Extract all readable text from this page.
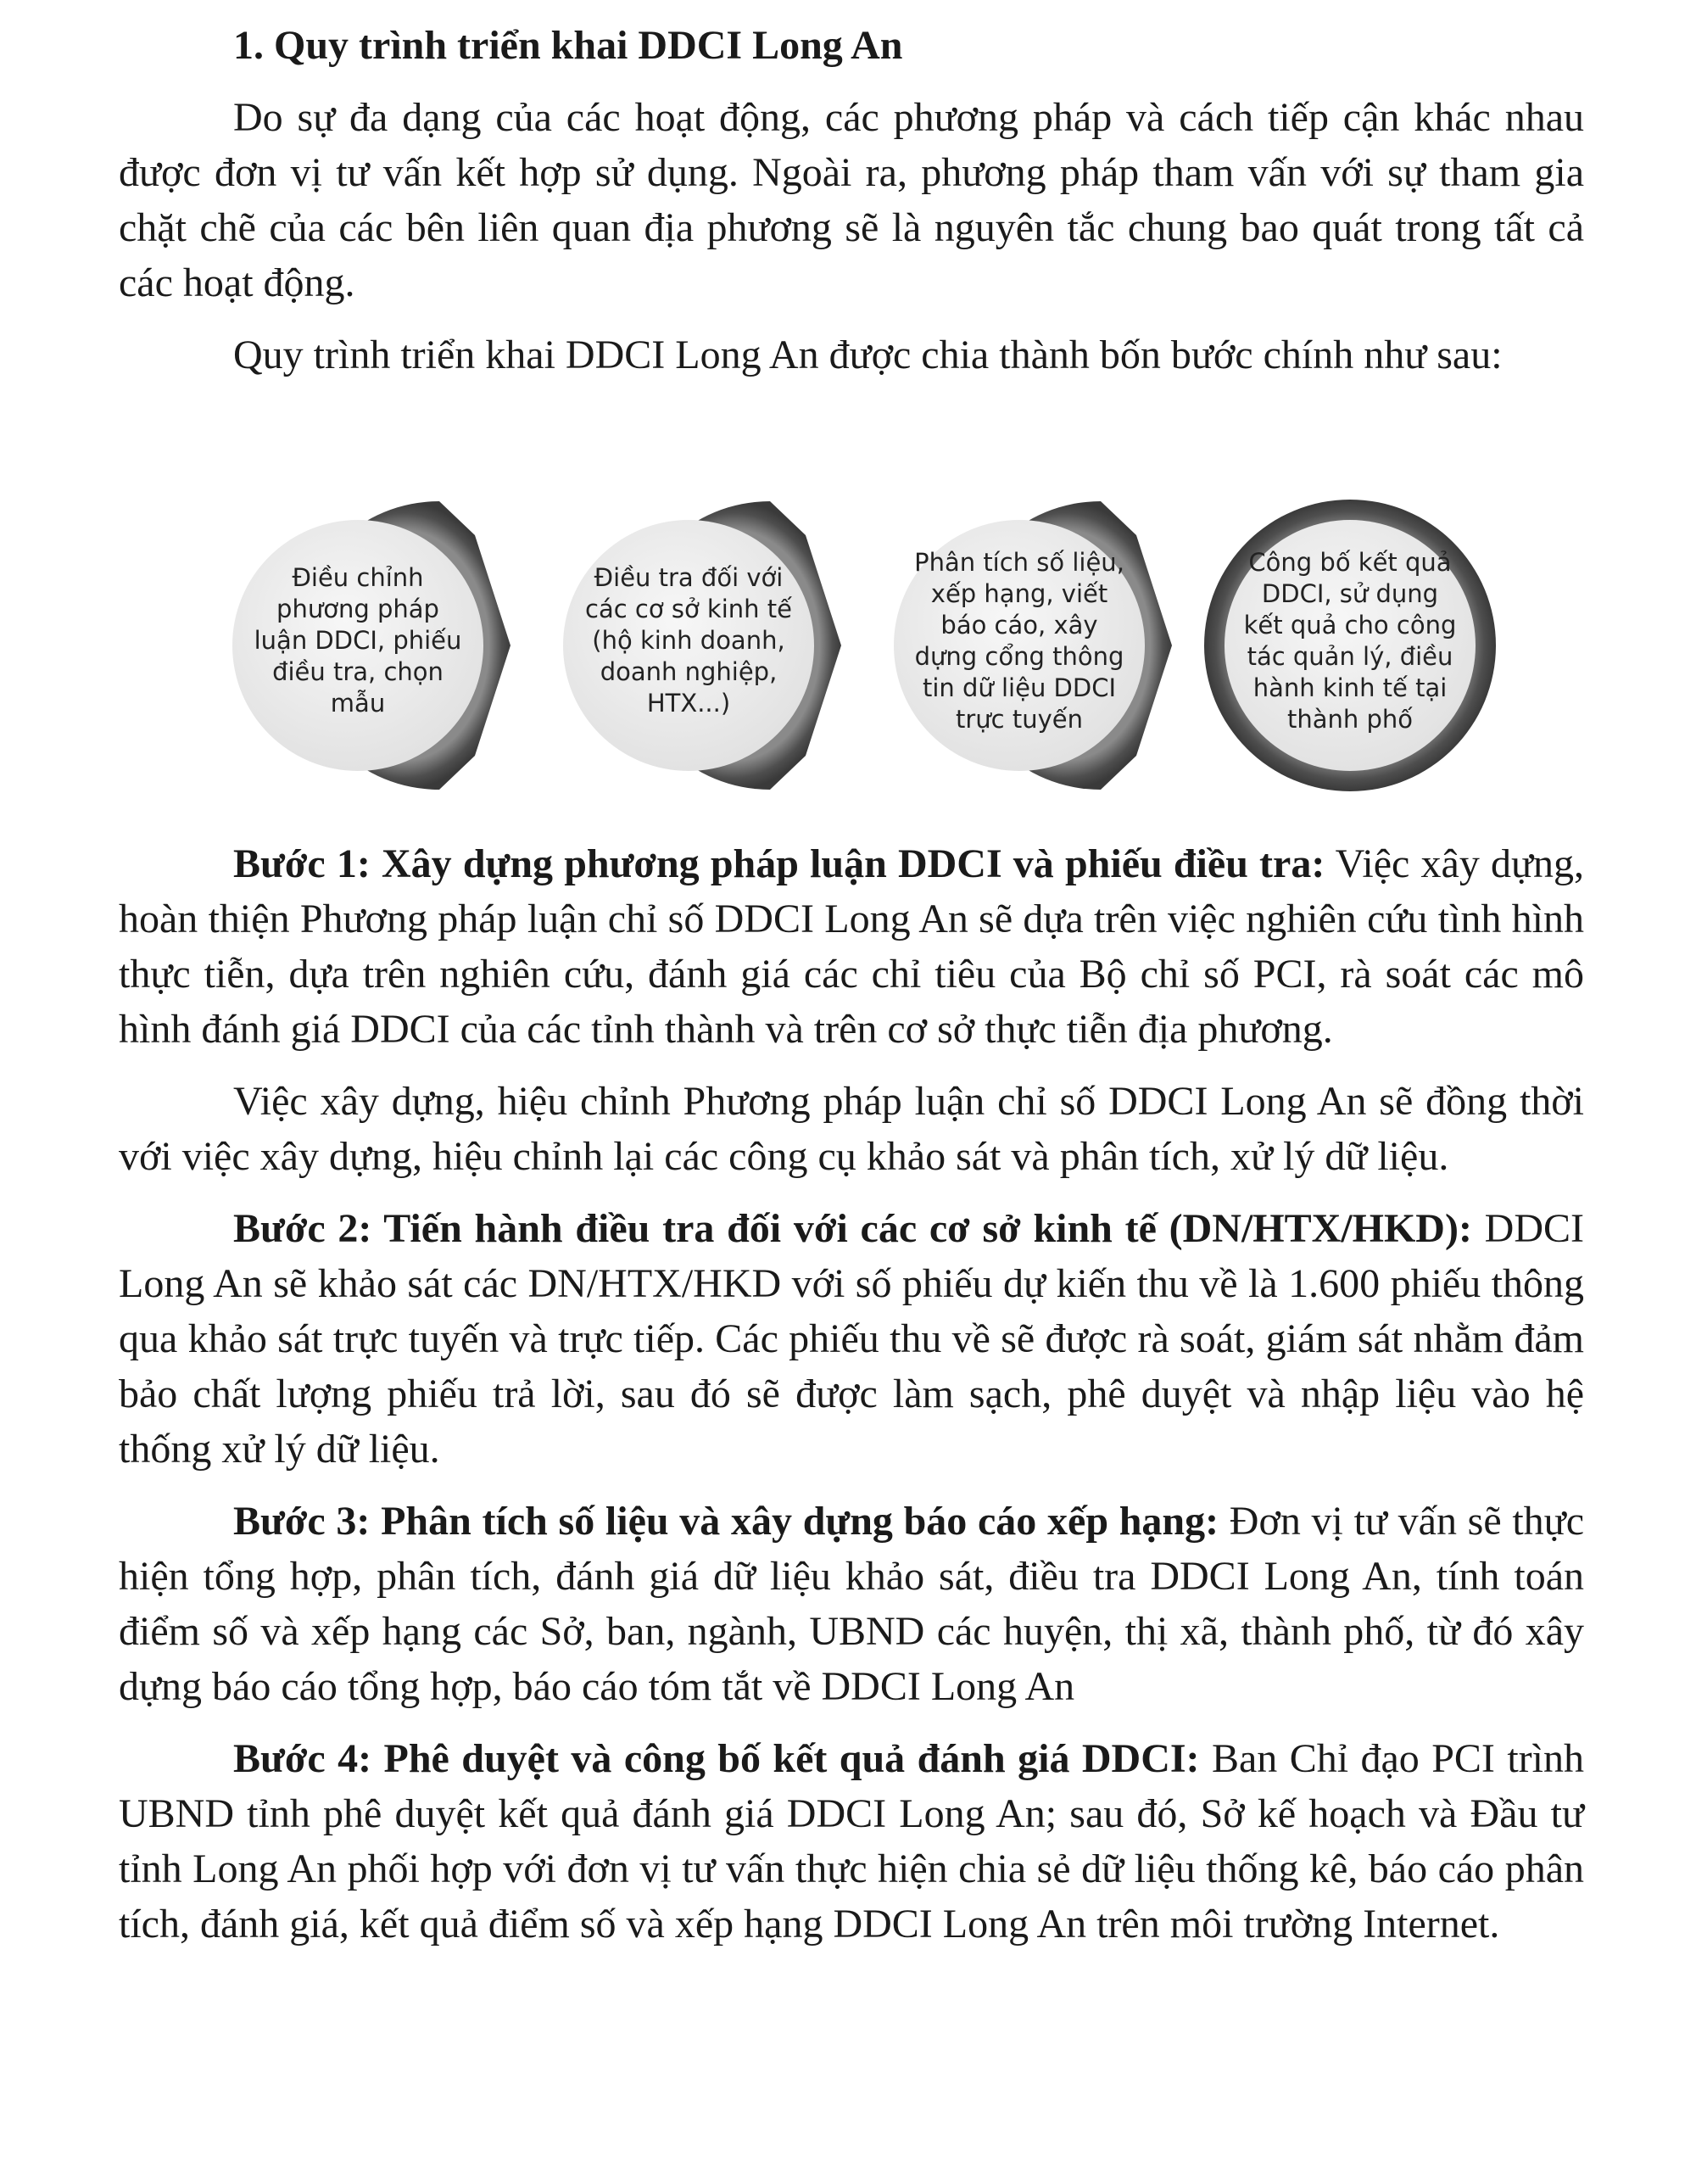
1. Quy trình triển khai DDCI Long An

Do sự đa dạng của các hoạt động, các phương pháp và cách tiếp cận khác nhau được đơn vị tư vấn kết hợp sử dụng. Ngoài ra, phương pháp tham vấn với sự tham gia chặt chẽ của các bên liên quan địa phương sẽ là nguyên tắc chung bao quát trong tất cả các hoạt động.

Quy trình triển khai DDCI Long An được chia thành bốn bước chính như sau:

Điều chỉnh
phương pháp
luận DDCI, phiếu
điều tra, chọn
mẫu
Điều tra đối với
các cơ sở kinh tế
(hộ kinh doanh,
doanh nghiệp,
HTX...)
Phân tích số liệu,
xếp hạng, viết
báo cáo, xây
dựng cổng thông
tin dữ liệu DDCI
trực tuyến
Công bố kết quả
DDCI, sử dụng
kết quả cho công
tác quản lý, điều
hành kinh tế tại
thành phố

Bước 1: Xây dựng phương pháp luận DDCI và phiếu điều tra: Việc xây dựng, hoàn thiện Phương pháp luận chỉ số DDCI Long An sẽ dựa trên việc nghiên cứu tình hình thực tiễn, dựa trên nghiên cứu, đánh giá các chỉ tiêu của Bộ chỉ số PCI, rà soát các mô hình đánh giá DDCI của các tỉnh thành và trên cơ sở thực tiễn địa phương.

Việc xây dựng, hiệu chỉnh Phương pháp luận chỉ số DDCI Long An sẽ đồng thời với việc xây dựng, hiệu chỉnh lại các công cụ khảo sát và phân tích, xử lý dữ liệu.

Bước 2: Tiến hành điều tra đối với các cơ sở kinh tế (DN/HTX/HKD): DDCI Long An sẽ khảo sát các DN/HTX/HKD với số phiếu dự kiến thu về là 1.600 phiếu thông qua khảo sát trực tuyến và trực tiếp. Các phiếu thu về sẽ được rà soát, giám sát nhằm đảm bảo chất lượng phiếu trả lời, sau đó sẽ được làm sạch, phê duyệt và nhập liệu vào hệ thống xử lý dữ liệu.

Bước 3: Phân tích số liệu và xây dựng báo cáo xếp hạng: Đơn vị tư vấn sẽ thực hiện tổng hợp, phân tích, đánh giá dữ liệu khảo sát, điều tra DDCI Long An, tính toán điểm số và xếp hạng các Sở, ban, ngành, UBND các huyện, thị xã, thành phố, từ đó xây dựng báo cáo tổng hợp, báo cáo tóm tắt về DDCI Long An

Bước 4: Phê duyệt và công bố kết quả đánh giá DDCI: Ban Chỉ đạo PCI trình UBND tỉnh phê duyệt kết quả đánh giá DDCI Long An; sau đó, Sở kế hoạch và Đầu tư tỉnh Long An phối hợp với đơn vị tư vấn thực hiện chia sẻ dữ liệu thống kê, báo cáo phân tích, đánh giá, kết quả điểm số và xếp hạng DDCI Long An trên môi trường Internet.
